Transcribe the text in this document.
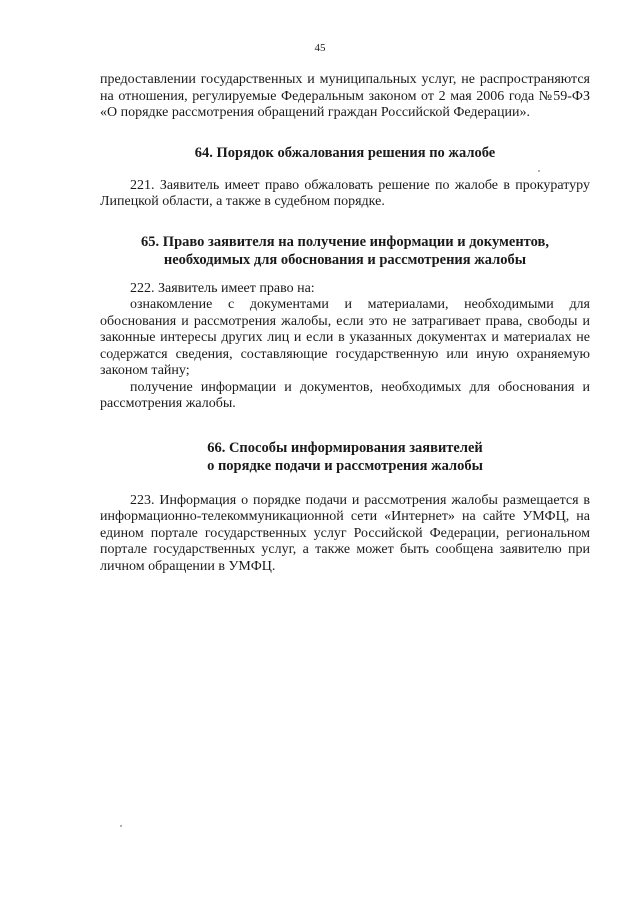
45

предоставлении государственных и муниципальных услуг, не распространяются на отношения, регулируемые Федеральным законом от 2 мая 2006 года №59-ФЗ «О порядке рассмотрения обращений граждан Российской Федерации».

64. Порядок обжалования решения по жалобе

221. Заявитель имеет право обжаловать решение по жалобе в прокуратуру Липецкой области, а также в судебном порядке.

65. Право заявителя на получение информации и документов,

необходимых для обоснования и рассмотрения жалобы

222. Заявитель имеет право на:

ознакомление с документами и материалами, необходимыми для обоснования и рассмотрения жалобы, если это не затрагивает права, свободы и законные интересы других лиц и если в указанных документах и материалах не содержатся сведения, составляющие государственную или иную охраняемую законом тайну;

получение информации и документов, необходимых для обоснования и рассмотрения жалобы.

66. Способы информирования заявителей

о порядке подачи и рассмотрения жалобы

223. Информация о порядке подачи и рассмотрения жалобы размещается в информационно-телекоммуникационной сети «Интернет» на сайте УМФЦ, на едином портале государственных услуг Российской Федерации, региональном портале государственных услуг, а также может быть сообщена заявителю при личном обращении в УМФЦ.
